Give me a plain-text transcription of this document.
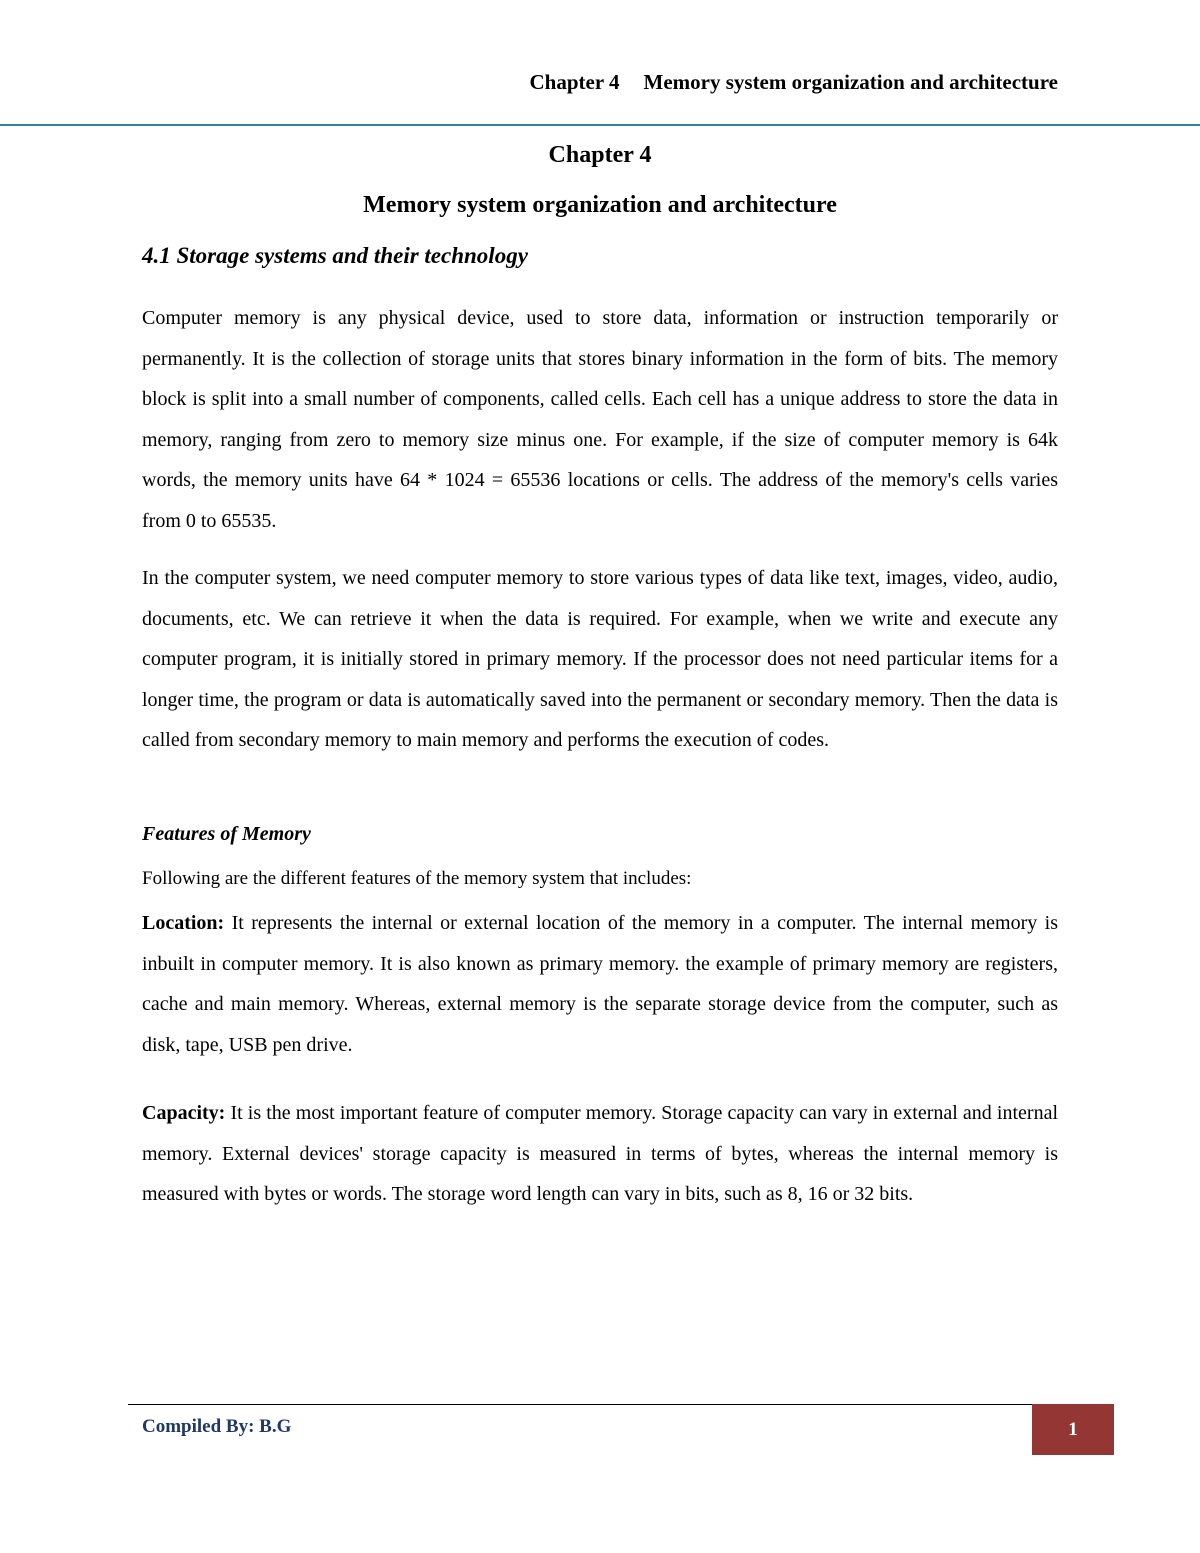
Chapter 4 Memory system organization and architecture
Chapter 4
Memory system organization and architecture
4.1 Storage systems and their technology

Computer memory is any physical device, used to store data, information or instruction temporarily or permanently. It is the collection of storage units that stores binary information in the form of bits. The memory block is split into a small number of components, called cells. Each cell has a unique address to store the data in memory, ranging from zero to memory size minus one. For example, if the size of computer memory is 64k words, the memory units have 64 * 1024 = 65536 locations or cells. The address of the memory's cells varies from 0 to 65535.

In the computer system, we need computer memory to store various types of data like text, images, video, audio, documents, etc. We can retrieve it when the data is required. For example, when we write and execute any computer program, it is initially stored in primary memory. If the processor does not need particular items for a longer time, the program or data is automatically saved into the permanent or secondary memory. Then the data is called from secondary memory to main memory and performs the execution of codes.

Features of Memory
Following are the different features of the memory system that includes:

Location: It represents the internal or external location of the memory in a computer. The internal memory is inbuilt in computer memory. It is also known as primary memory. the example of primary memory are registers, cache and main memory. Whereas, external memory is the separate storage device from the computer, such as disk, tape, USB pen drive.

Capacity: It is the most important feature of computer memory. Storage capacity can vary in external and internal memory. External devices' storage capacity is measured in terms of bytes, whereas the internal memory is measured with bytes or words. The storage word length can vary in bits, such as 8, 16 or 32 bits.

Compiled By: B.G	1
